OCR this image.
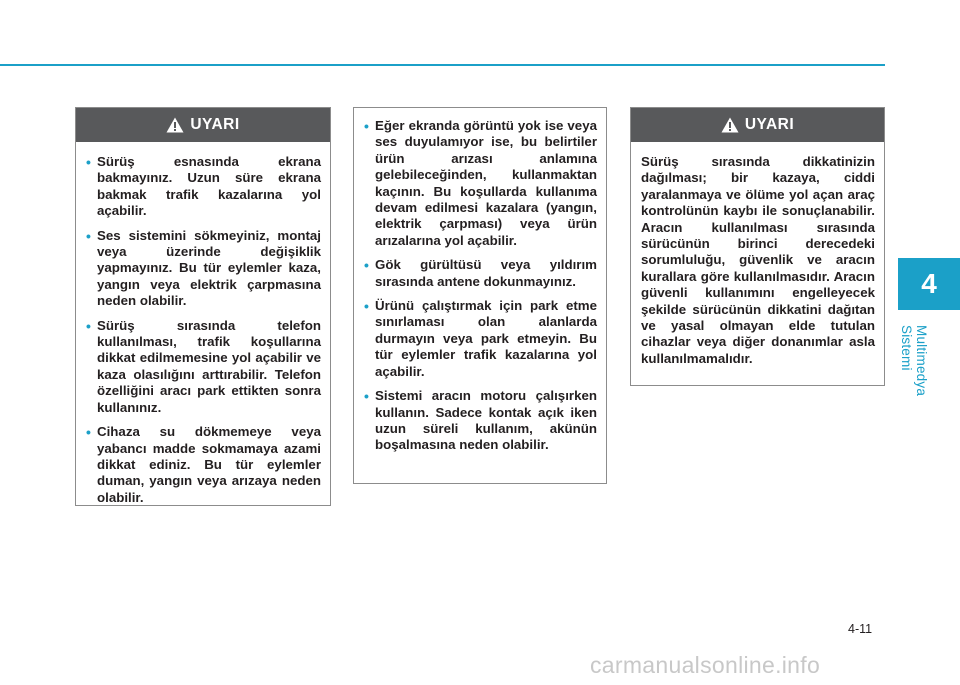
4
Multimedya Sistemi
UYARI
• Sürüş esnasında ekrana bakmayınız. Uzun süre ekrana bakmak trafik kazalarına yol açabilir.
• Ses sistemini sökmeyiniz, montaj veya üzerinde değişiklik yapmayınız. Bu tür eylemler kaza, yangın veya elektrik çarpmasına neden olabilir.
• Sürüş sırasında telefon kullanılması, trafik koşullarına dikkat edilmemesine yol açabilir ve kaza olasılığını arttırabilir. Telefon özelliğini aracı park ettikten sonra kullanınız.
• Cihaza su dökmemeye veya yabancı madde sokmamaya azami dikkat ediniz. Bu tür eylemler duman, yangın veya arızaya neden olabilir.
• Eğer ekranda görüntü yok ise veya ses duyulamıyor ise, bu belirtiler ürün arızası anlamına gelebileceğinden, kullanmaktan kaçının. Bu koşullarda kullanıma devam edilmesi kazalara (yangın, elektrik çarpması) veya ürün arızalarına yol açabilir.
• Gök gürültüsü veya yıldırım sırasında antene dokunmayınız.
• Ürünü çalıştırmak için park etme sınırlaması olan alanlarda durmayın veya park etmeyin. Bu tür eylemler trafik kazalarına yol açabilir.
• Sistemi aracın motoru çalışırken kullanın. Sadece kontak açık iken uzun süreli kullanım, akünün boşalmasına neden olabilir.
UYARI

Sürüş sırasında dikkatinizin dağılması; bir kazaya, ciddi yaralanmaya ve ölüme yol açan araç kontrolünün kaybı ile sonuçlanabilir. Aracın kullanılması sırasında sürücünün birinci derecedeki sorumluluğu, güvenlik ve aracın kurallara göre kullanılmasıdır. Aracın güvenli kullanımını engelleyecek şekilde sürücünün dikkatini dağıtan ve yasal olmayan elde tutulan cihazlar veya diğer donanımlar asla kullanılmamalıdır.

4-11
carmanualsonline.info
